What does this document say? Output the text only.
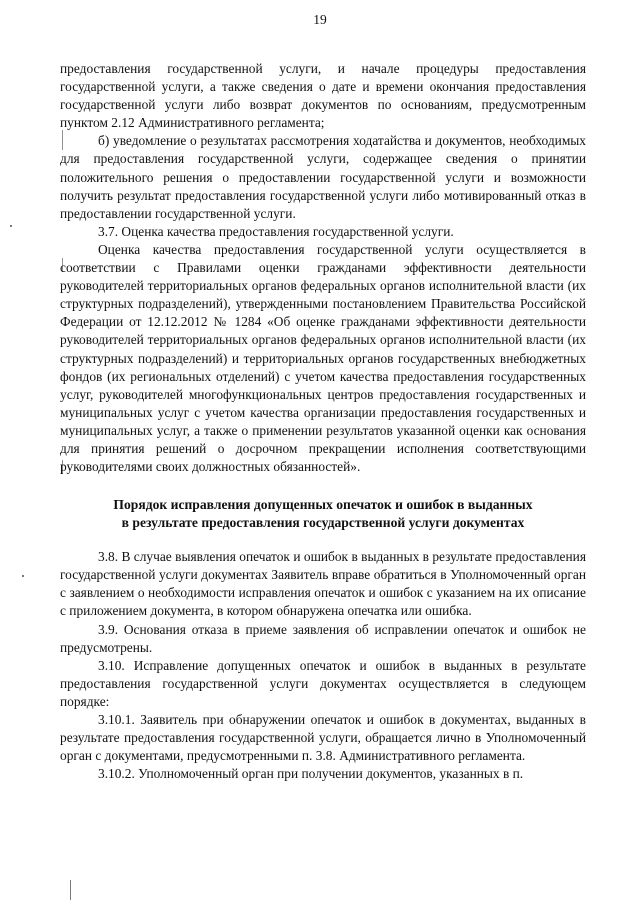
19

предоставления государственной услуги, и начале процедуры предоставления государственной услуги, а также сведения о дате и времени окончания предоставления государственной услуги либо возврат документов по основаниям, предусмотренным пунктом 2.12 Административного регламента;

б) уведомление о результатах рассмотрения ходатайства и документов, необходимых для предоставления государственной услуги, содержащее сведения о принятии положительного решения о предоставлении государственной услуги и возможности получить результат предоставления государственной услуги либо мотивированный отказ в предоставлении государственной услуги.

3.7. Оценка качества предоставления государственной услуги.

Оценка качества предоставления государственной услуги осуществляется в соответствии с Правилами оценки гражданами эффективности деятельности руководителей территориальных органов федеральных органов исполнительной власти (их структурных подразделений), утвержденными постановлением Правительства Российской Федерации от 12.12.2012 № 1284 «Об оценке гражданами эффективности деятельности руководителей территориальных органов федеральных органов исполнительной власти (их структурных подразделений) и территориальных органов государственных внебюджетных фондов (их региональных отделений) с учетом качества предоставления государственных услуг, руководителей многофункциональных центров предоставления государственных и муниципальных услуг с учетом качества организации предоставления государственных и муниципальных услуг, а также о применении результатов указанной оценки как основания для принятия решений о досрочном прекращении исполнения соответствующими руководителями своих должностных обязанностей».

Порядок исправления допущенных опечаток и ошибок в выданных
в результате предоставления государственной услуги документах

3.8. В случае выявления опечаток и ошибок в выданных в результате предоставления государственной услуги документах Заявитель вправе обратиться в Уполномоченный орган с заявлением о необходимости исправления опечаток и ошибок с указанием на их описание с приложением документа, в котором обнаружена опечатка или ошибка.

3.9. Основания отказа в приеме заявления об исправлении опечаток и ошибок не предусмотрены.

3.10. Исправление допущенных опечаток и ошибок в выданных в результате предоставления государственной услуги документах осуществляется в следующем порядке:

3.10.1. Заявитель при обнаружении опечаток и ошибок в документах, выданных в результате предоставления государственной услуги, обращается лично в Уполномоченный орган с документами, предусмотренными п. 3.8. Административного регламента.

3.10.2. Уполномоченный орган при получении документов, указанных в п.
